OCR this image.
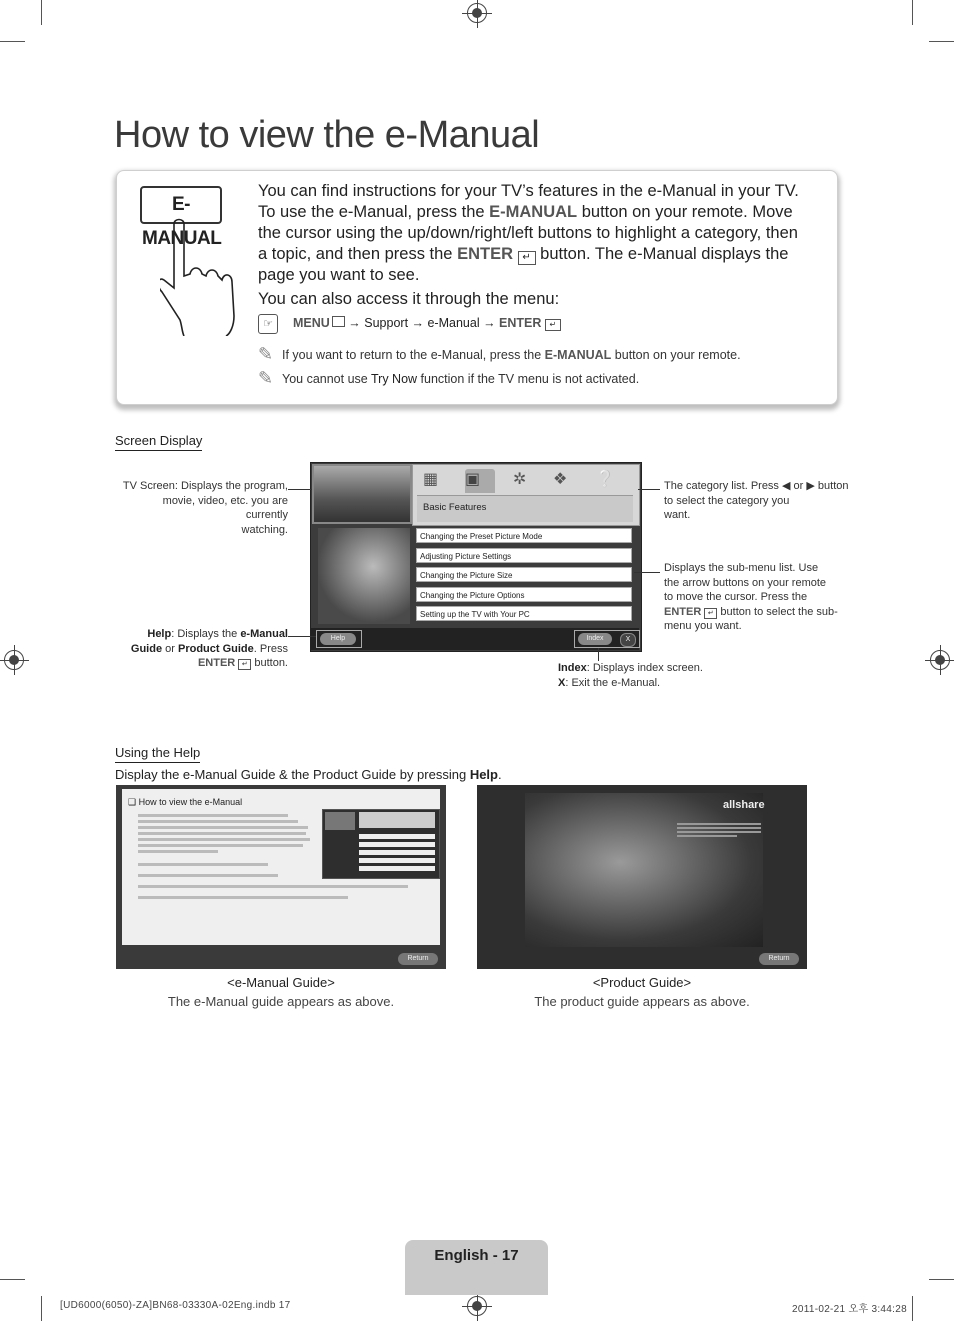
How to view the e-Manual
E-MANUAL
You can find instructions for your TV’s features in the e-Manual in your TV.
To use the e-Manual, press the E-MANUAL button on your remote. Move
the cursor using the up/down/right/left buttons to highlight a category, then
a topic, and then press the ENTER ↵ button. The e-Manual displays the
page you want to see.
You can also access it through the menu:
☞	MENU → Support → e-Manual → ENTER ↵
✎ If you want to return to the e-Manual, press the E-MANUAL button on your remote.
✎ You cannot use Try Now function if the TV menu is not activated.
Screen Display
▦	▣	✲	❖	❔
Basic Features
Changing the Preset Picture Mode
Adjusting Picture Settings
Changing the Picture Size
Changing the Picture Options
Setting up the TV with Your PC
Help	Index	X
TV Screen: Displays the program,
movie, video, etc. you are currently
watching.
Help: Displays the e-Manual
Guide or Product Guide. Press
ENTER ↵ button.
The category list. Press ◀ or ▶ button
to select the category you
want.
Displays the sub-menu list. Use
the arrow buttons on your remote
to move the cursor. Press the
ENTER ↵ button to select the sub-
menu you want.
Index: Displays index screen.
X: Exit the e-Manual.
Using the Help
Display the e-Manual Guide & the Product Guide by pressing Help.
❑ How to view the e-Manual
Return
allshare
Return
<e-Manual Guide>
The e-Manual guide appears as above.
<Product Guide>
The product guide appears as above.
English - 17
[UD6000(6050)-ZA]BN68-03330A-02Eng.indb 17	2011-02-21 오후 3:44:28
